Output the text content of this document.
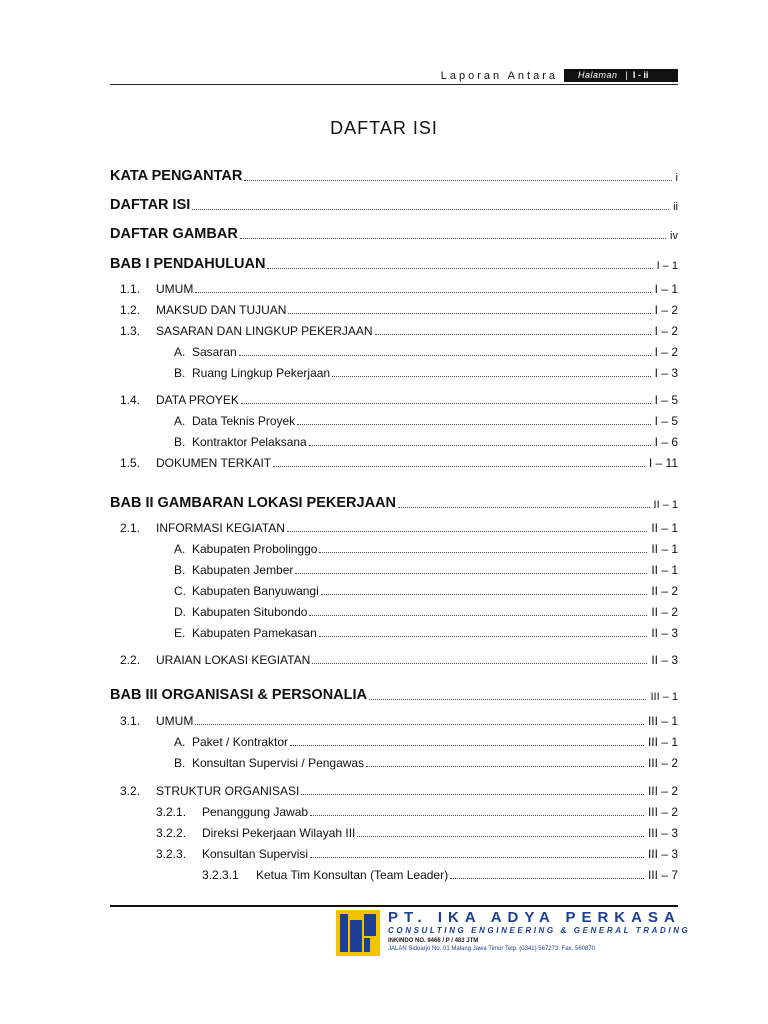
Laporan Antara Halaman | I - ii
DAFTAR ISI
KATA PENGANTAR	i
DAFTAR ISI	ii
DAFTAR GAMBAR	iv
BAB I PENDAHULUAN	I – 1
1.1.	UMUM	I – 1
1.2.	MAKSUD DAN TUJUAN	I – 2
1.3.	SASARAN DAN LINGKUP PEKERJAAN	I – 2
A. Sasaran	I – 2
B. Ruang Lingkup Pekerjaan	I – 3
1.4.	DATA PROYEK	I – 5
A. Data Teknis Proyek	I – 5
B. Kontraktor Pelaksana	I – 6
1.5.	DOKUMEN TERKAIT	I – 11
BAB II GAMBARAN LOKASI PEKERJAAN	II – 1
2.1.	INFORMASI KEGIATAN	II – 1
A. Kabupaten Probolinggo	II – 1
B. Kabupaten Jember	II – 1
C. Kabupaten Banyuwangi	II – 2
D. Kabupaten Situbondo	II – 2
E. Kabupaten Pamekasan	II – 3
2.2.	URAIAN LOKASI KEGIATAN	II – 3
BAB III ORGANISASI & PERSONALIA	III – 1
3.1.	UMUM	III – 1
A. Paket / Kontraktor	III – 1
B. Konsultan Supervisi / Pengawas	III – 2
3.2.	STRUKTUR ORGANISASI	III – 2
3.2.1.	Penanggung Jawab	III – 2
3.2.2.	Direksi Pekerjaan Wilayah III	III – 3
3.2.3.	Konsultan Supervisi	III – 3
3.2.3.1	Ketua Tim Konsultan (Team Leader)	III – 7
PT. IKA ADYA PERKASA
CONSULTING ENGINEERING & GENERAL TRADING
INKINDO NO. 9466 / P / 483 JTM
JALAN Sidoarjo No. 01 Malang Jawa Timur Telp. (0341) 567273. Fax. 560870
